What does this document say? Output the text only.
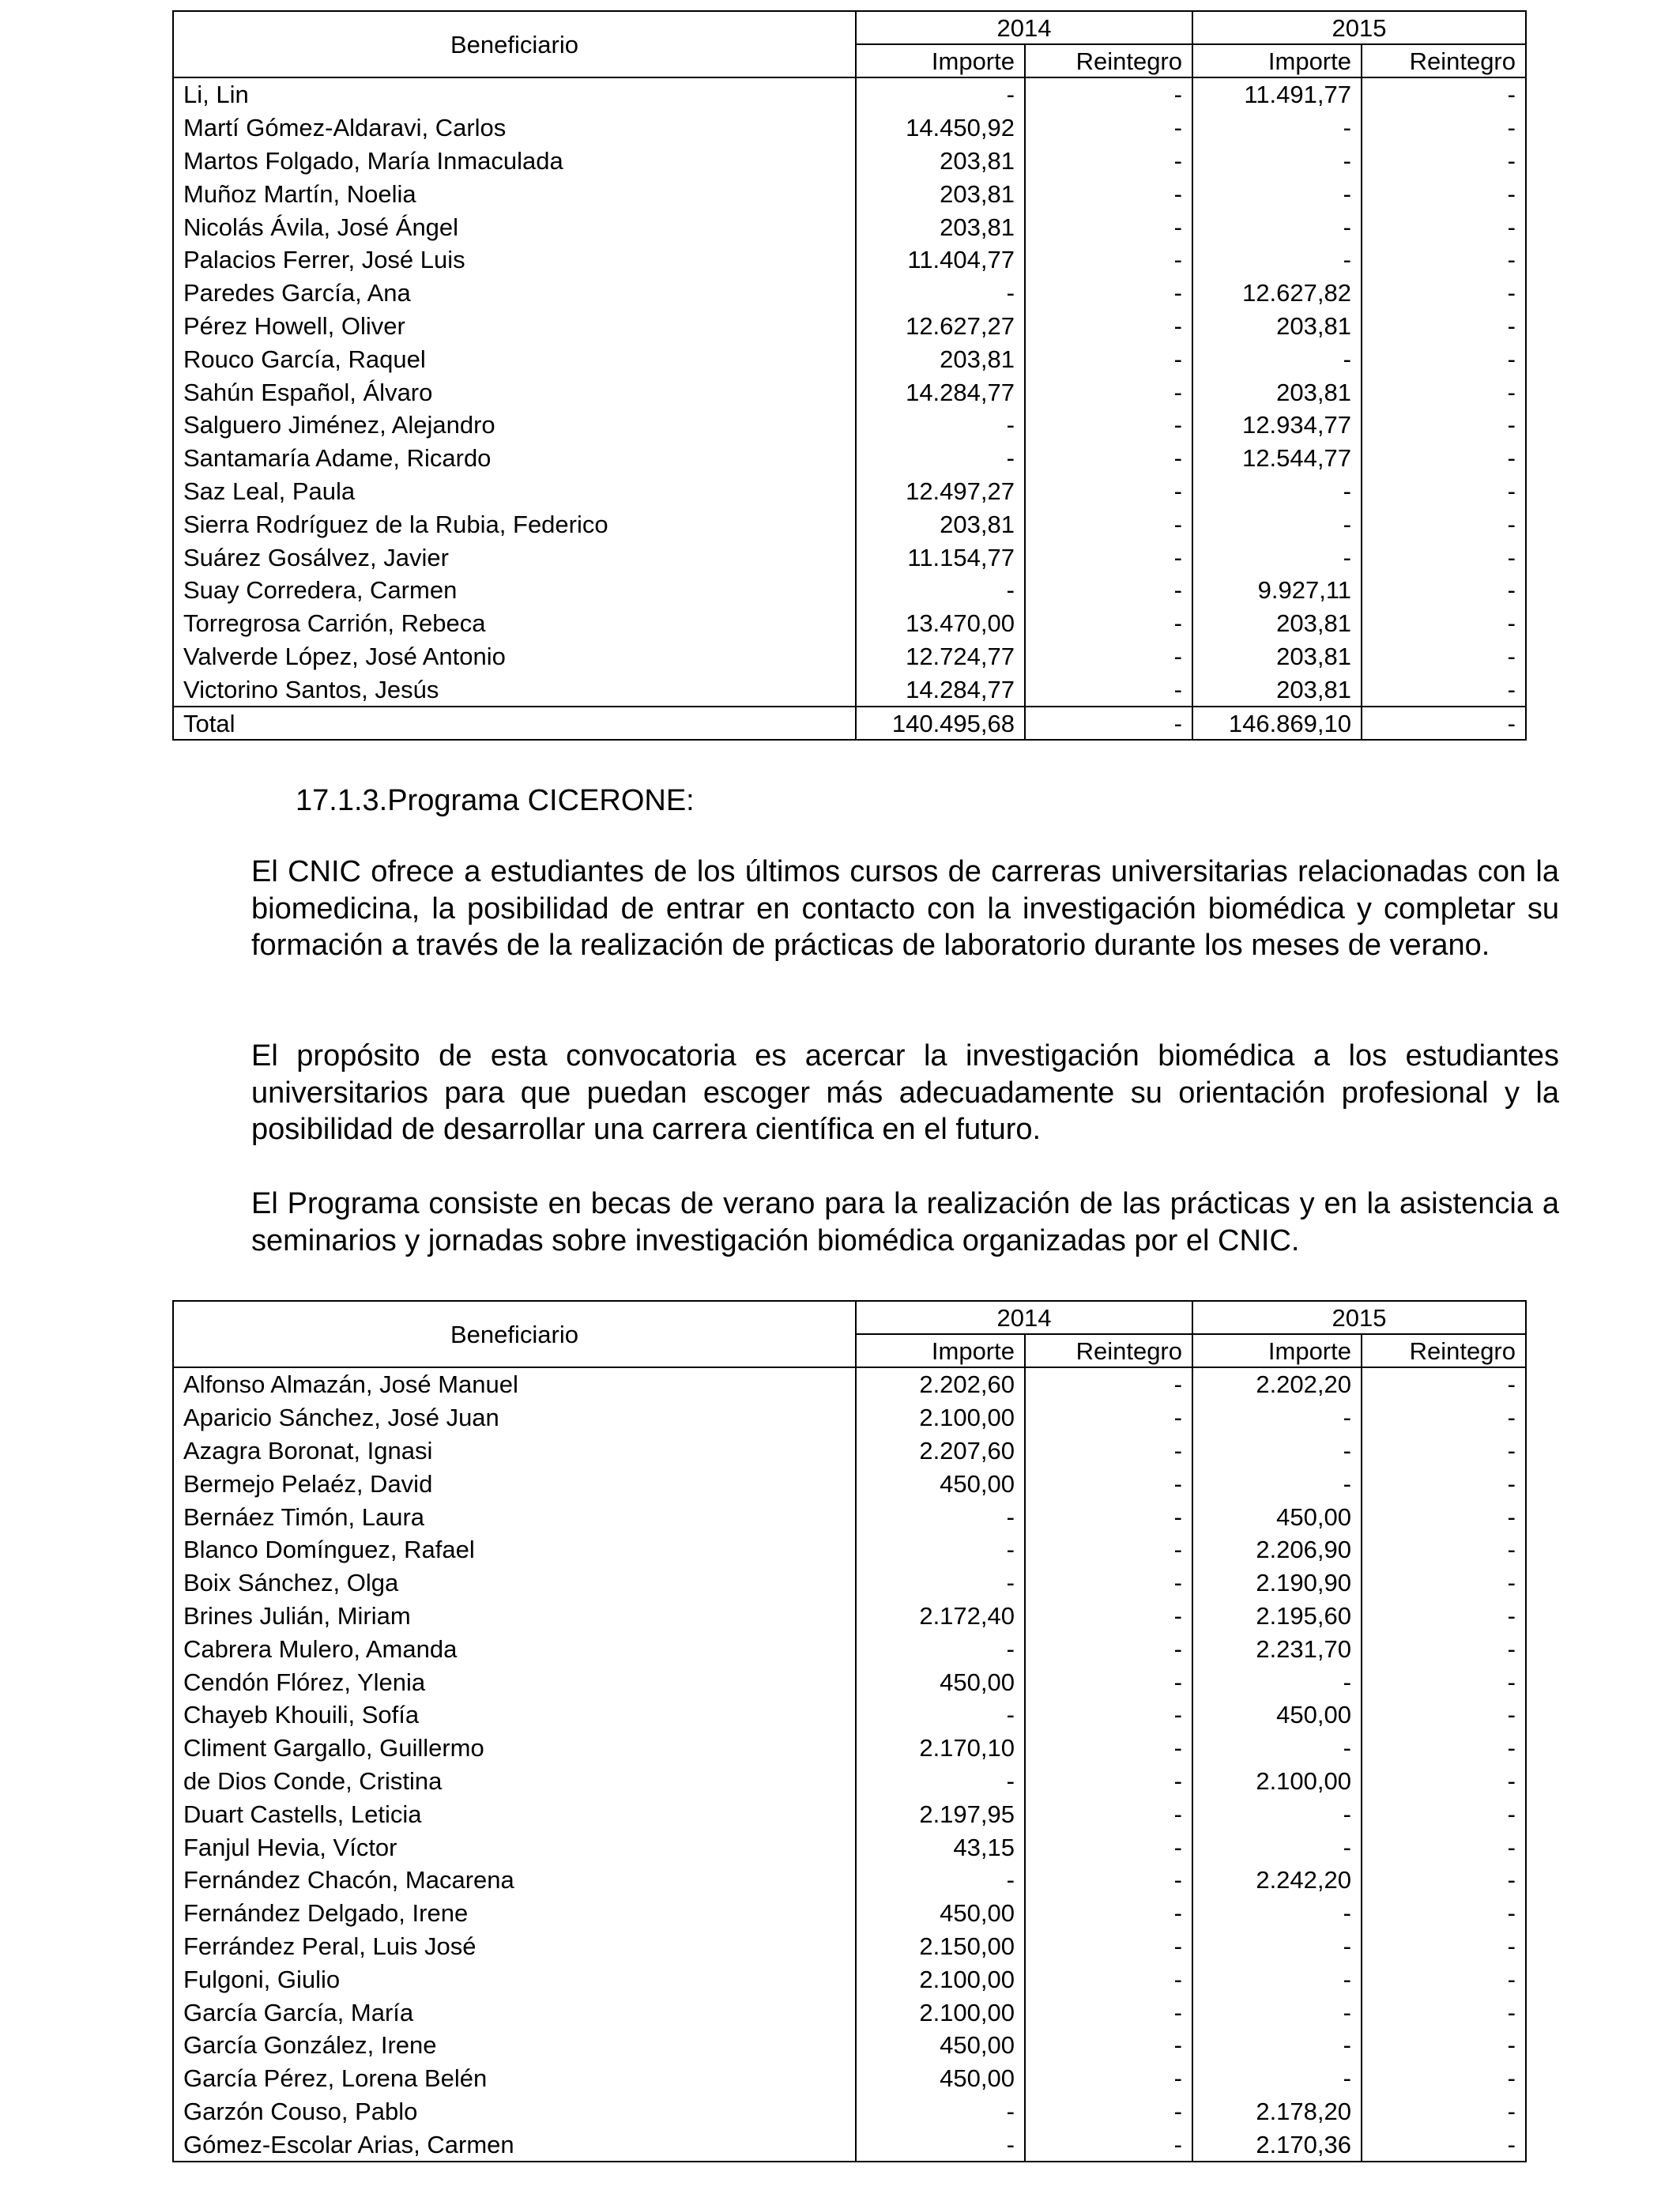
Beneficiario	2014		2015	
	Importe	Reintegro	Importe	Reintegro
Li, Lin	-	-	11.491,77	-
Martí Gómez-Aldaravi, Carlos	14.450,92	-	-	-
Martos Folgado, María Inmaculada	203,81	-	-	-
Muñoz Martín, Noelia	203,81	-	-	-
Nicolás Ávila, José Ángel	203,81	-	-	-
Palacios Ferrer, José Luis	11.404,77	-	-	-
Paredes García, Ana	-	-	12.627,82	-
Pérez Howell, Oliver	12.627,27	-	203,81	-
Rouco García, Raquel	203,81	-	-	-
Sahún Español, Álvaro	14.284,77	-	203,81	-
Salguero Jiménez, Alejandro	-	-	12.934,77	-
Santamaría Adame, Ricardo	-	-	12.544,77	-
Saz Leal, Paula	12.497,27	-	-	-
Sierra Rodríguez de la Rubia, Federico	203,81	-	-	-
Suárez Gosálvez, Javier	11.154,77	-	-	-
Suay Corredera, Carmen	-	-	9.927,11	-
Torregrosa Carrión, Rebeca	13.470,00	-	203,81	-
Valverde López, José Antonio	12.724,77	-	203,81	-
Victorino Santos, Jesús	14.284,77	-	203,81	-
Total	140.495,68	-	146.869,10	-
17.1.3.Programa CICERONE:

El CNIC ofrece a estudiantes de los últimos cursos de carreras universitarias relacionadas con la biomedicina, la posibilidad de entrar en contacto con la investigación biomédica y completar su formación a través de la realización de prácticas de laboratorio durante los meses de verano.

El propósito de esta convocatoria es acercar la investigación biomédica a los estudiantes universitarios para que puedan escoger más adecuadamente su orientación profesional y la posibilidad de desarrollar una carrera científica en el futuro.

El Programa consiste en becas de verano para la realización de las prácticas y en la asistencia a seminarios y jornadas sobre investigación biomédica organizadas por el CNIC.

Beneficiario	2014		2015	
	Importe	Reintegro	Importe	Reintegro
Alfonso Almazán, José Manuel	2.202,60	-	2.202,20	-
Aparicio Sánchez, José Juan	2.100,00	-	-	-
Azagra Boronat, Ignasi	2.207,60	-	-	-
Bermejo Pelaéz, David	450,00	-	-	-
Bernáez Timón, Laura	-	-	450,00	-
Blanco Domínguez, Rafael	-	-	2.206,90	-
Boix Sánchez, Olga	-	-	2.190,90	-
Brines Julián, Miriam	2.172,40	-	2.195,60	-
Cabrera Mulero, Amanda	-	-	2.231,70	-
Cendón Flórez, Ylenia	450,00	-	-	-
Chayeb Khouili, Sofía	-	-	450,00	-
Climent Gargallo, Guillermo	2.170,10	-	-	-
de Dios Conde, Cristina	-	-	2.100,00	-
Duart Castells, Leticia	2.197,95	-	-	-
Fanjul Hevia, Víctor	43,15	-	-	-
Fernández Chacón, Macarena	-	-	2.242,20	-
Fernández Delgado, Irene	450,00	-	-	-
Ferrández Peral, Luis José	2.150,00	-	-	-
Fulgoni, Giulio	2.100,00	-	-	-
García García, María	2.100,00	-	-	-
García González, Irene	450,00	-	-	-
García Pérez, Lorena Belén	450,00	-	-	-
Garzón Couso, Pablo	-	-	2.178,20	-
Gómez-Escolar Arias, Carmen	-	-	2.170,36	-
